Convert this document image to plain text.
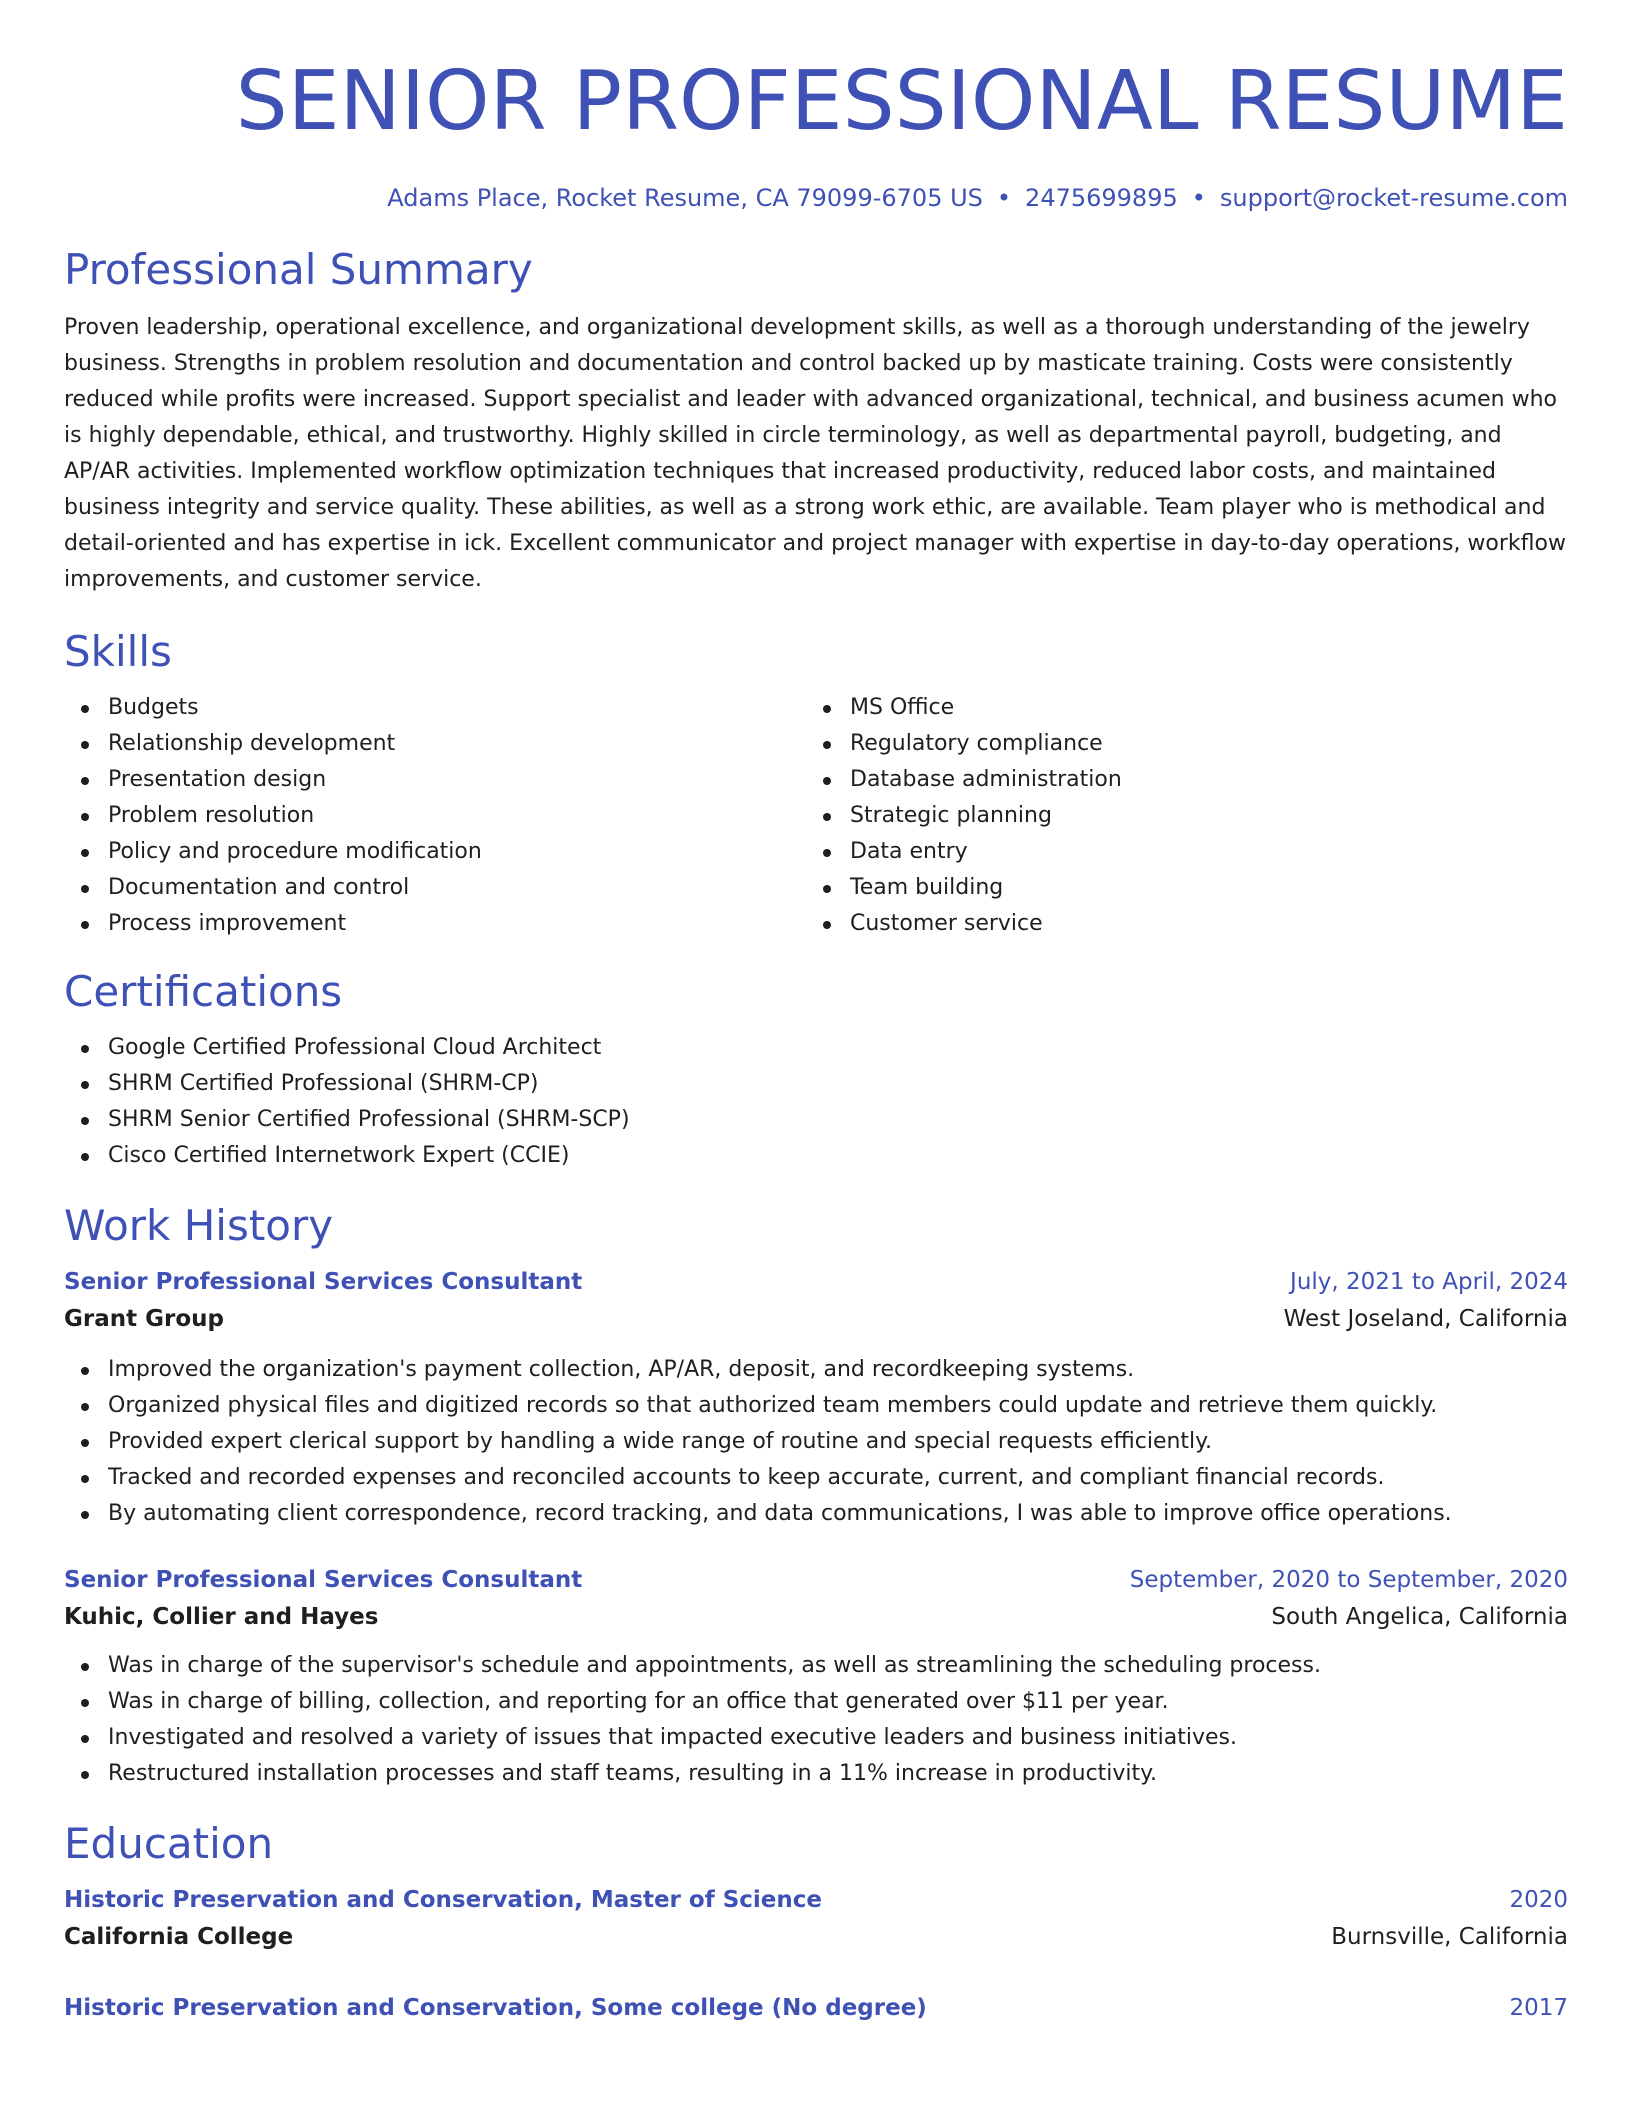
SENIOR PROFESSIONAL RESUME
Adams Place, Rocket Resume, CA 79099-6705 US • 2475699895 • support@rocket-resume.com
Professional Summary

Proven leadership, operational excellence, and organizational development skills, as well as a thorough understanding of the jewelry business. Strengths in problem resolution and documentation and control backed up by masticate training. Costs were consistently reduced while profits were increased. Support specialist and leader with advanced organizational, technical, and business acumen who is highly dependable, ethical, and trustworthy. Highly skilled in circle terminology, as well as departmental payroll, budgeting, and AP/AR activities. Implemented workflow optimization techniques that increased productivity, reduced labor costs, and maintained business integrity and service quality. These abilities, as well as a strong work ethic, are available. Team player who is methodical and detail-oriented and has expertise in ick. Excellent communicator and project manager with expertise in day-to-day operations, workflow improvements, and customer service.

Skills
Budgets
Relationship development
Presentation design
Problem resolution
Policy and procedure modification
Documentation and control
Process improvement
MS Office
Regulatory compliance
Database administration
Strategic planning
Data entry
Team building
Customer service
Certifications
Google Certified Professional Cloud Architect
SHRM Certified Professional (SHRM-CP)
SHRM Senior Certified Professional (SHRM-SCP)
Cisco Certified Internetwork Expert (CCIE)
Work History
Senior Professional Services Consultant	July, 2021 to April, 2024
Grant Group	West Joseland, California
Improved the organization's payment collection, AP/AR, deposit, and recordkeeping systems.
Organized physical files and digitized records so that authorized team members could update and retrieve them quickly.
Provided expert clerical support by handling a wide range of routine and special requests efficiently.
Tracked and recorded expenses and reconciled accounts to keep accurate, current, and compliant financial records.
By automating client correspondence, record tracking, and data communications, I was able to improve office operations.
Senior Professional Services Consultant	September, 2020 to September, 2020
Kuhic, Collier and Hayes	South Angelica, California
Was in charge of the supervisor's schedule and appointments, as well as streamlining the scheduling process.
Was in charge of billing, collection, and reporting for an office that generated over $11 per year.
Investigated and resolved a variety of issues that impacted executive leaders and business initiatives.
Restructured installation processes and staff teams, resulting in a 11% increase in productivity.
Education
Historic Preservation and Conservation, Master of Science	2020
California College	Burnsville, California
Historic Preservation and Conservation, Some college (No degree)	2017
